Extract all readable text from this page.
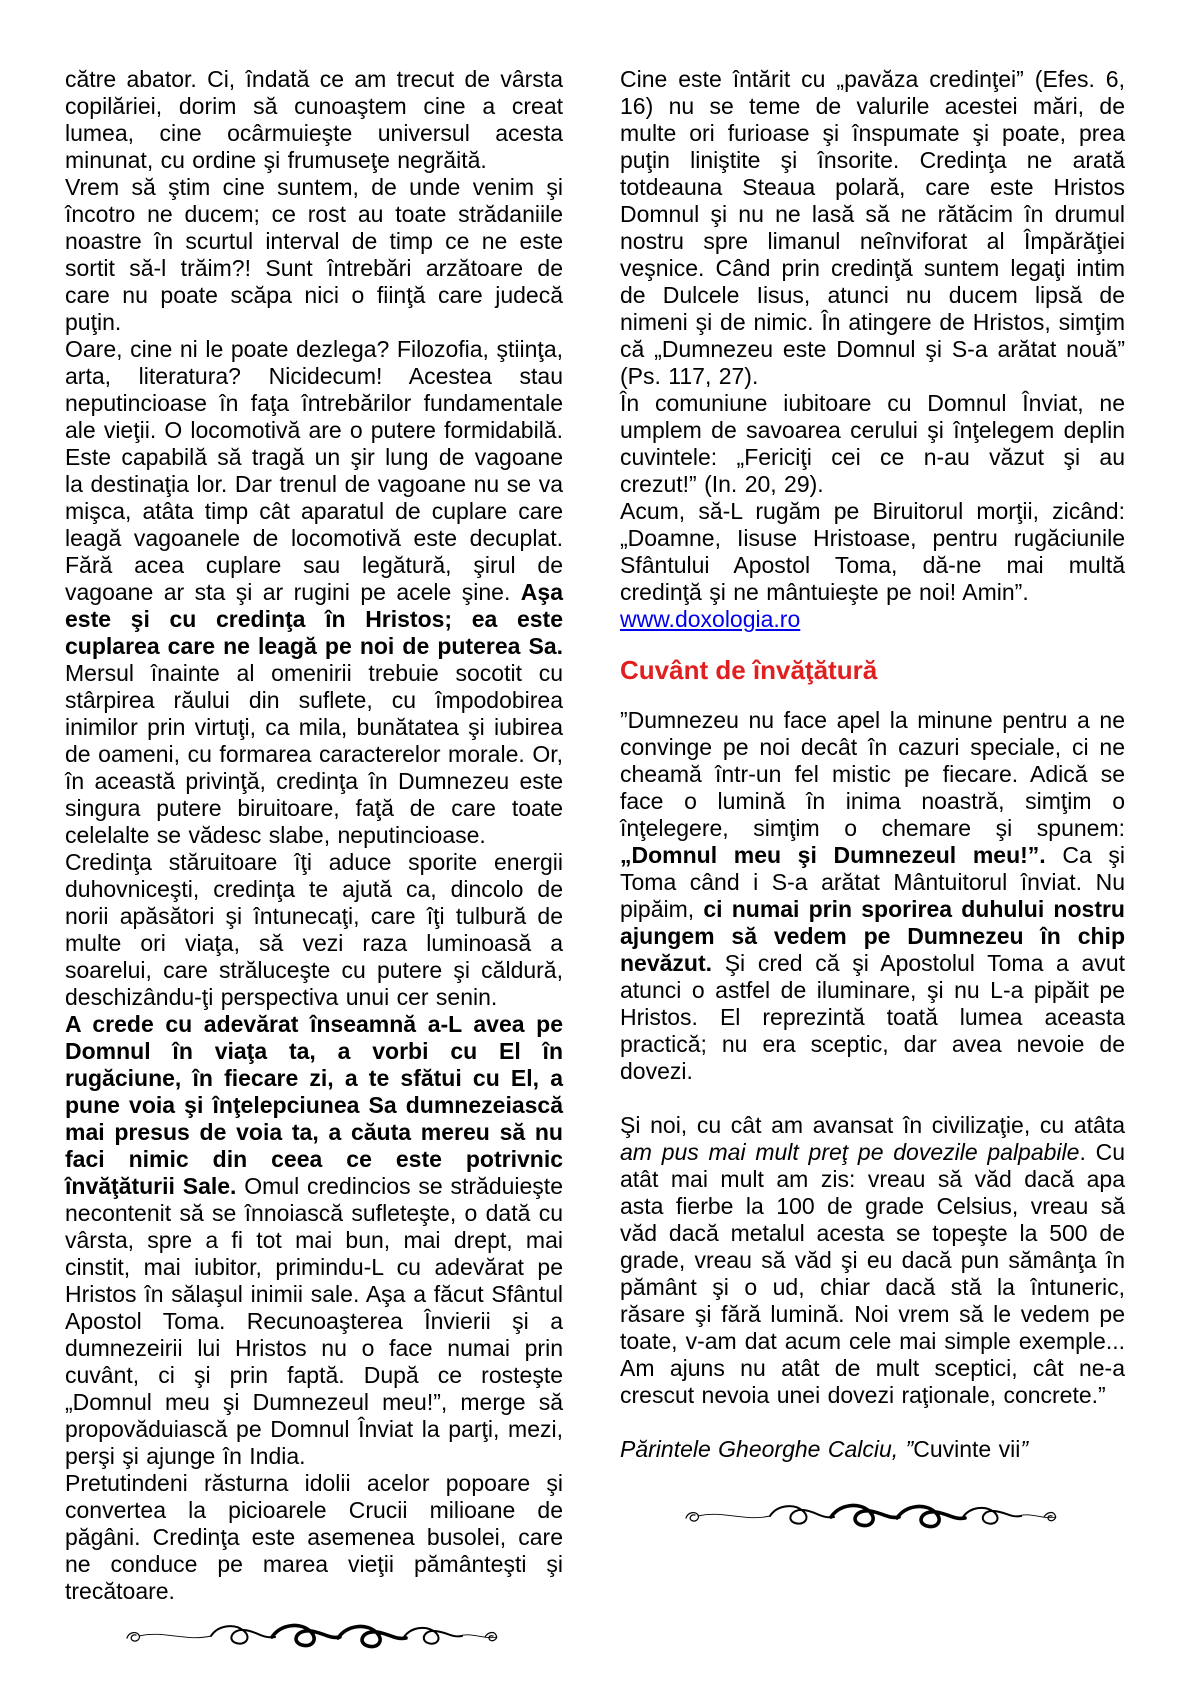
către abator. Ci, îndată ce am trecut de vârsta copilăriei, dorim să cunoaştem cine a creat lumea, cine ocârmuieşte universul acesta minunat, cu ordine şi frumuseţe negrăită.

Vrem să ştim cine suntem, de unde venim şi încotro ne ducem; ce rost au toate strădaniile noastre în scurtul interval de timp ce ne este sortit să-l trăim?! Sunt întrebări arzătoare de care nu poate scăpa nici o fiinţă care judecă puţin.

Oare, cine ni le poate dezlega? Filozofia, ştiinţa, arta, literatura? Nicidecum! Acestea stau neputincioase în faţa întrebărilor fundamentale ale vieţii. O locomotivă are o putere formidabilă. Este capabilă să tragă un şir lung de vagoane la destinaţia lor. Dar trenul de vagoane nu se va mişca, atâta timp cât aparatul de cuplare care leagă vagoanele de locomotivă este decuplat. Fără acea cuplare sau legătură, şirul de vagoane ar sta şi ar rugini pe acele şine. Aşa este şi cu credinţa în Hristos; ea este cuplarea care ne leagă pe noi de puterea Sa. Mersul înainte al omenirii trebuie socotit cu stârpirea răului din suflete, cu împodobirea inimilor prin virtuţi, ca mila, bunătatea şi iubirea de oameni, cu formarea caracterelor morale. Or, în această privinţă, credinţa în Dumnezeu este singura putere biruitoare, faţă de care toate celelalte se vădesc slabe, neputincioase.

Credinţa stăruitoare îţi aduce sporite energii duhovniceşti, credinţa te ajută ca, dincolo de norii apăsători şi întunecaţi, care îţi tulbură de multe ori viaţa, să vezi raza luminoasă a soarelui, care străluceşte cu putere şi căldură, deschizându-ţi perspectiva unui cer senin.

A crede cu adevărat înseamnă a-L avea pe Domnul în viaţa ta, a vorbi cu El în rugăciune, în fiecare zi, a te sfătui cu El, a pune voia şi înţelepciunea Sa dumnezeiască mai presus de voia ta, a căuta mereu să nu faci nimic din ceea ce este potrivnic învăţăturii Sale. Omul credincios se străduieşte necontenit să se înnoiască sufleteşte, o dată cu vârsta, spre a fi tot mai bun, mai drept, mai cinstit, mai iubitor, primindu-L cu adevărat pe Hristos în sălaşul inimii sale. Aşa a făcut Sfântul Apostol Toma. Recunoaşterea Învierii şi a dumnezeirii lui Hristos nu o face numai prin cuvânt, ci şi prin faptă. După ce rosteşte „Domnul meu şi Dumnezeul meu!”, merge să propovăduiască pe Domnul Înviat la parţi, mezi, perşi şi ajunge în India.

Pretutindeni răsturna idolii acelor popoare şi convertea la picioarele Crucii milioane de păgâni. Credinţa este asemenea busolei, care ne conduce pe marea vieţii pământeşti şi trecătoare.

Cine este întărit cu „pavăza credinţei” (Efes. 6, 16) nu se teme de valurile acestei mări, de multe ori furioase şi înspumate şi poate, prea puţin liniştite şi însorite. Credinţa ne arată totdeauna Steaua polară, care este Hristos Domnul şi nu ne lasă să ne rătăcim în drumul nostru spre limanul neînviforat al Împărăţiei veşnice. Când prin credinţă suntem legaţi intim de Dulcele Iisus, atunci nu ducem lipsă de nimeni şi de nimic. În atingere de Hristos, simţim că „Dumnezeu este Domnul şi S-a arătat nouă” (Ps. 117, 27).

În comuniune iubitoare cu Domnul Înviat, ne umplem de savoarea cerului şi înţelegem deplin cuvintele: „Fericiţi cei ce n-au văzut şi au crezut!” (In. 20, 29).

Acum, să-L rugăm pe Biruitorul morţii, zicând: „Doamne, Iisuse Hristoase, pentru rugăciunile Sfântului Apostol Toma, dă-ne mai multă credinţă şi ne mântuieşte pe noi! Amin”.

www.doxologia.ro

Cuvânt de învăţătură

”Dumnezeu nu face apel la minune pentru a ne convinge pe noi decât în cazuri speciale, ci ne cheamă într-un fel mistic pe fiecare. Adică se face o lumină în inima noastră, simţim o înţelegere, simţim o chemare şi spunem: „Domnul meu şi Dumnezeul meu!”. Ca şi Toma când i S-a arătat Mântuitorul înviat. Nu pipăim, ci numai prin sporirea duhului nostru ajungem să vedem pe Dumnezeu în chip nevăzut. Şi cred că şi Apostolul Toma a avut atunci o astfel de iluminare, şi nu L-a pipăit pe Hristos. El reprezintă toată lumea aceasta practică; nu era sceptic, dar avea nevoie de dovezi.

Şi noi, cu cât am avansat în civilizaţie, cu atâta am pus mai mult preţ pe dovezile palpabile. Cu atât mai mult am zis: vreau să văd dacă apa asta fierbe la 100 de grade Celsius, vreau să văd dacă metalul acesta se topeşte la 500 de grade, vreau să văd şi eu dacă pun sămânţa în pământ şi o ud, chiar dacă stă la întuneric, răsare şi fără lumină. Noi vrem să le vedem pe toate, v-am dat acum cele mai simple exemple... Am ajuns nu atât de mult sceptici, cât ne-a crescut nevoia unei dovezi raţionale, concrete.”

Părintele Gheorghe Calciu, ”Cuvinte vii”
